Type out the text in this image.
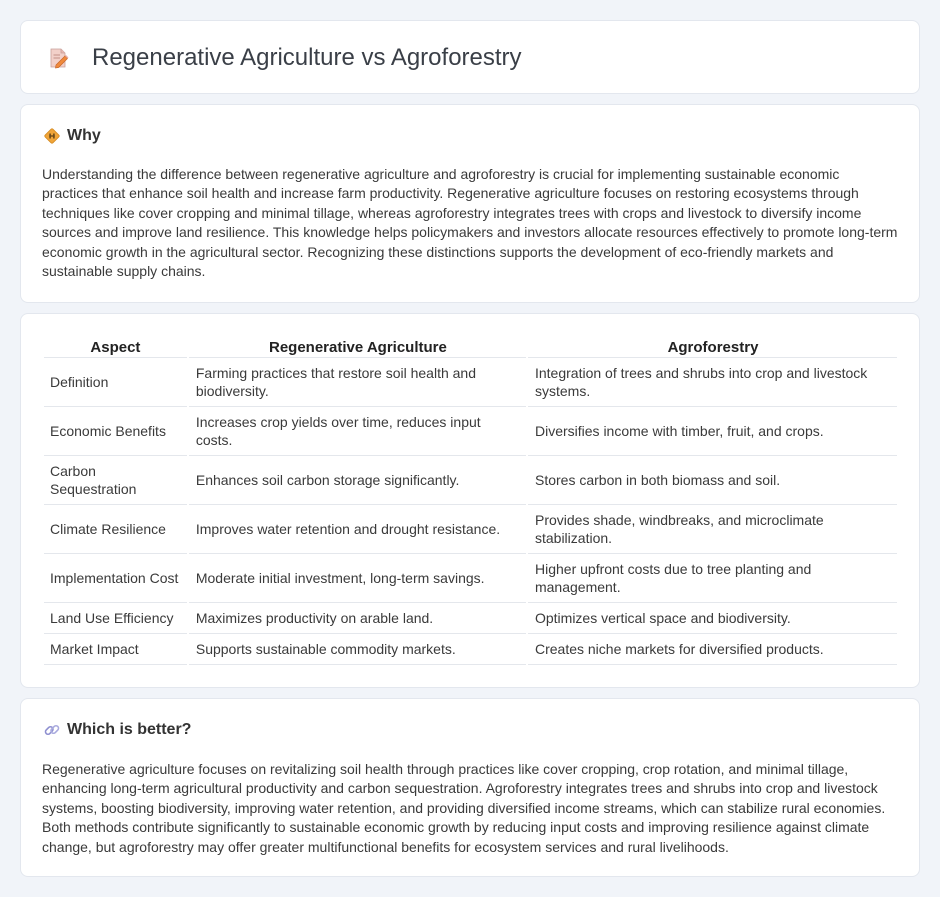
Regenerative Agriculture vs Agroforestry
Why

Understanding the difference between regenerative agriculture and agroforestry is crucial for implementing sustainable economic practices that enhance soil health and increase farm productivity. Regenerative agriculture focuses on restoring ecosystems through techniques like cover cropping and minimal tillage, whereas agroforestry integrates trees with crops and livestock to diversify income sources and improve land resilience. This knowledge helps policymakers and investors allocate resources effectively to promote long-term economic growth in the agricultural sector. Recognizing these distinctions supports the development of eco-friendly markets and sustainable supply chains.

Aspect	Regenerative Agriculture	Agroforestry
Definition	Farming practices that restore soil health and biodiversity.	Integration of trees and shrubs into crop and livestock systems.
Economic Benefits	Increases crop yields over time, reduces input costs.	Diversifies income with timber, fruit, and crops.
Carbon Sequestration	Enhances soil carbon storage significantly.	Stores carbon in both biomass and soil.
Climate Resilience	Improves water retention and drought resistance.	Provides shade, windbreaks, and microclimate stabilization.
Implementation Cost	Moderate initial investment, long-term savings.	Higher upfront costs due to tree planting and management.
Land Use Efficiency	Maximizes productivity on arable land.	Optimizes vertical space and biodiversity.
Market Impact	Supports sustainable commodity markets.	Creates niche markets for diversified products.
Which is better?

Regenerative agriculture focuses on revitalizing soil health through practices like cover cropping, crop rotation, and minimal tillage, enhancing long-term agricultural productivity and carbon sequestration. Agroforestry integrates trees and shrubs into crop and livestock systems, boosting biodiversity, improving water retention, and providing diversified income streams, which can stabilize rural economies. Both methods contribute significantly to sustainable economic growth by reducing input costs and improving resilience against climate change, but agroforestry may offer greater multifunctional benefits for ecosystem services and rural livelihoods.
